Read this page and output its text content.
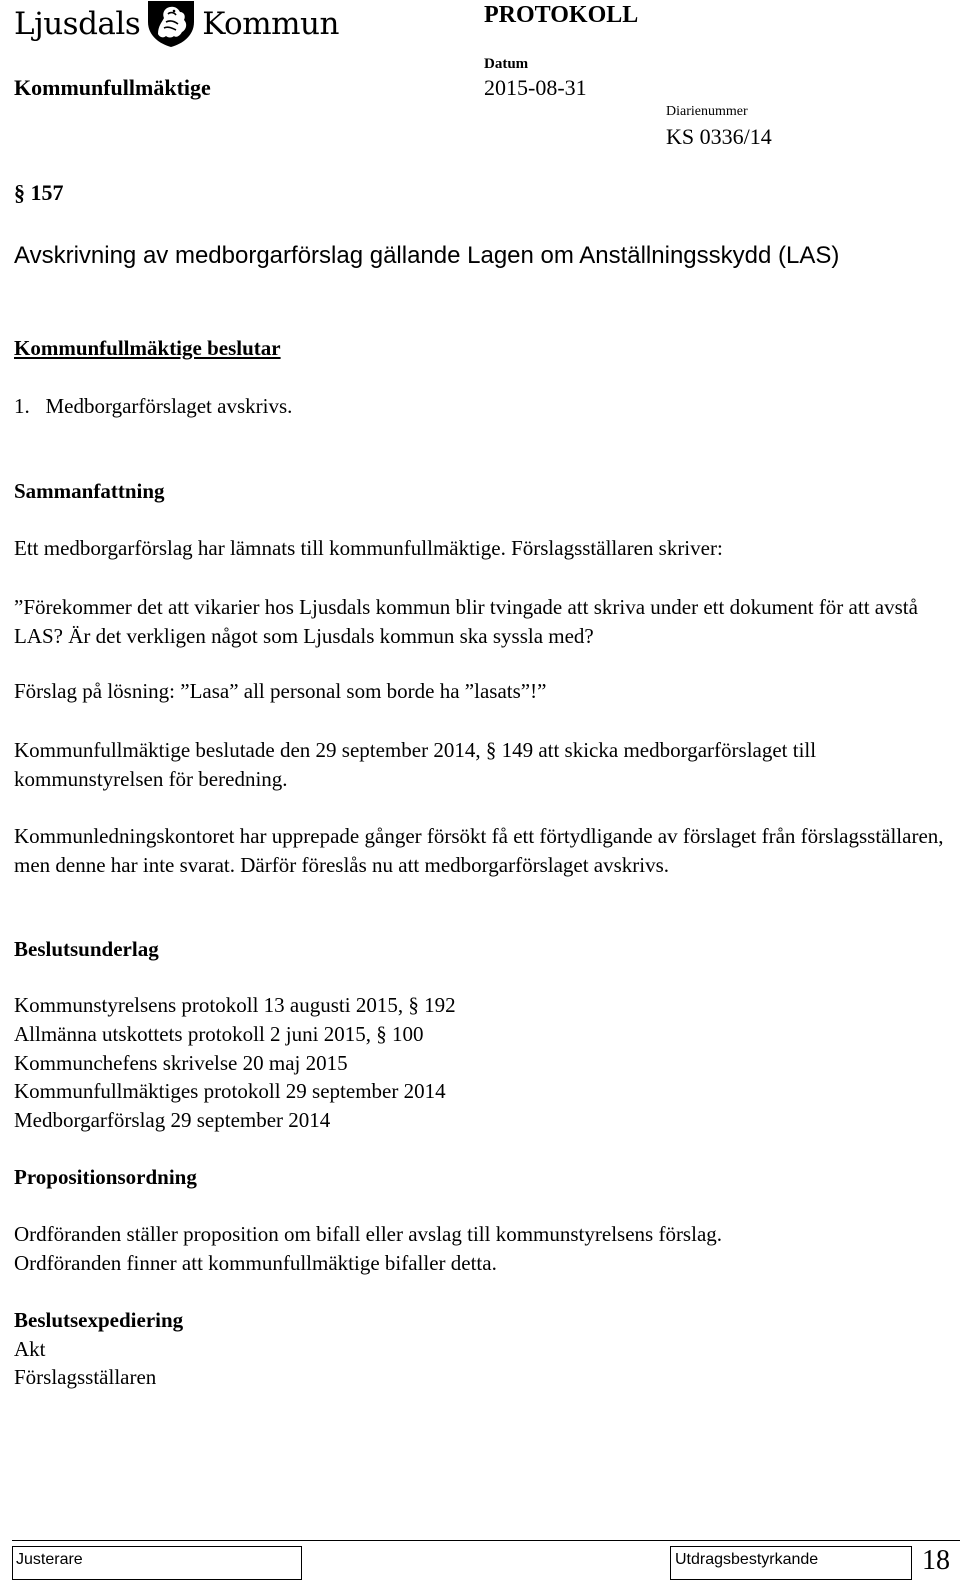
Ljusdals Kommun	PROTOKOLL
Kommunfullmäktige
Datum
2015-08-31
Diarienummer
KS 0336/14
§ 157
Avskrivning av medborgarförslag gällande Lagen om Anställningsskydd (LAS)
Kommunfullmäktige beslutar
1.   Medborgarförslaget avskrivs.
Sammanfattning
Ett medborgarförslag har lämnats till kommunfullmäktige. Förslagsställaren skriver:
”Förekommer det att vikarier hos Ljusdals kommun blir tvingade att skriva under ett dokument för att avstå LAS? Är det verkligen något som Ljusdals kommun ska syssla med?
Förslag på lösning: ”Lasa” all personal som borde ha ”lasats”!”
Kommunfullmäktige beslutade den 29 september 2014, § 149 att skicka medborgarförslaget till kommunstyrelsen för beredning.
Kommunledningskontoret har upprepade gånger försökt få ett förtydligande av förslaget från förslagsställaren, men denne har inte svarat. Därför föreslås nu att medborgarförslaget avskrivs.
Beslutsunderlag
Kommunstyrelsens protokoll 13 augusti 2015, § 192
Allmänna utskottets protokoll 2 juni 2015, § 100
Kommunchefens skrivelse 20 maj 2015
Kommunfullmäktiges protokoll 29 september 2014
Medborgarförslag 29 september 2014
Propositionsordning
Ordföranden ställer proposition om bifall eller avslag till kommunstyrelsens förslag.
Ordföranden finner att kommunfullmäktige bifaller detta.
Beslutsexpediering
Akt
Förslagsställaren
Justerare	Utdragsbestyrkande	18
